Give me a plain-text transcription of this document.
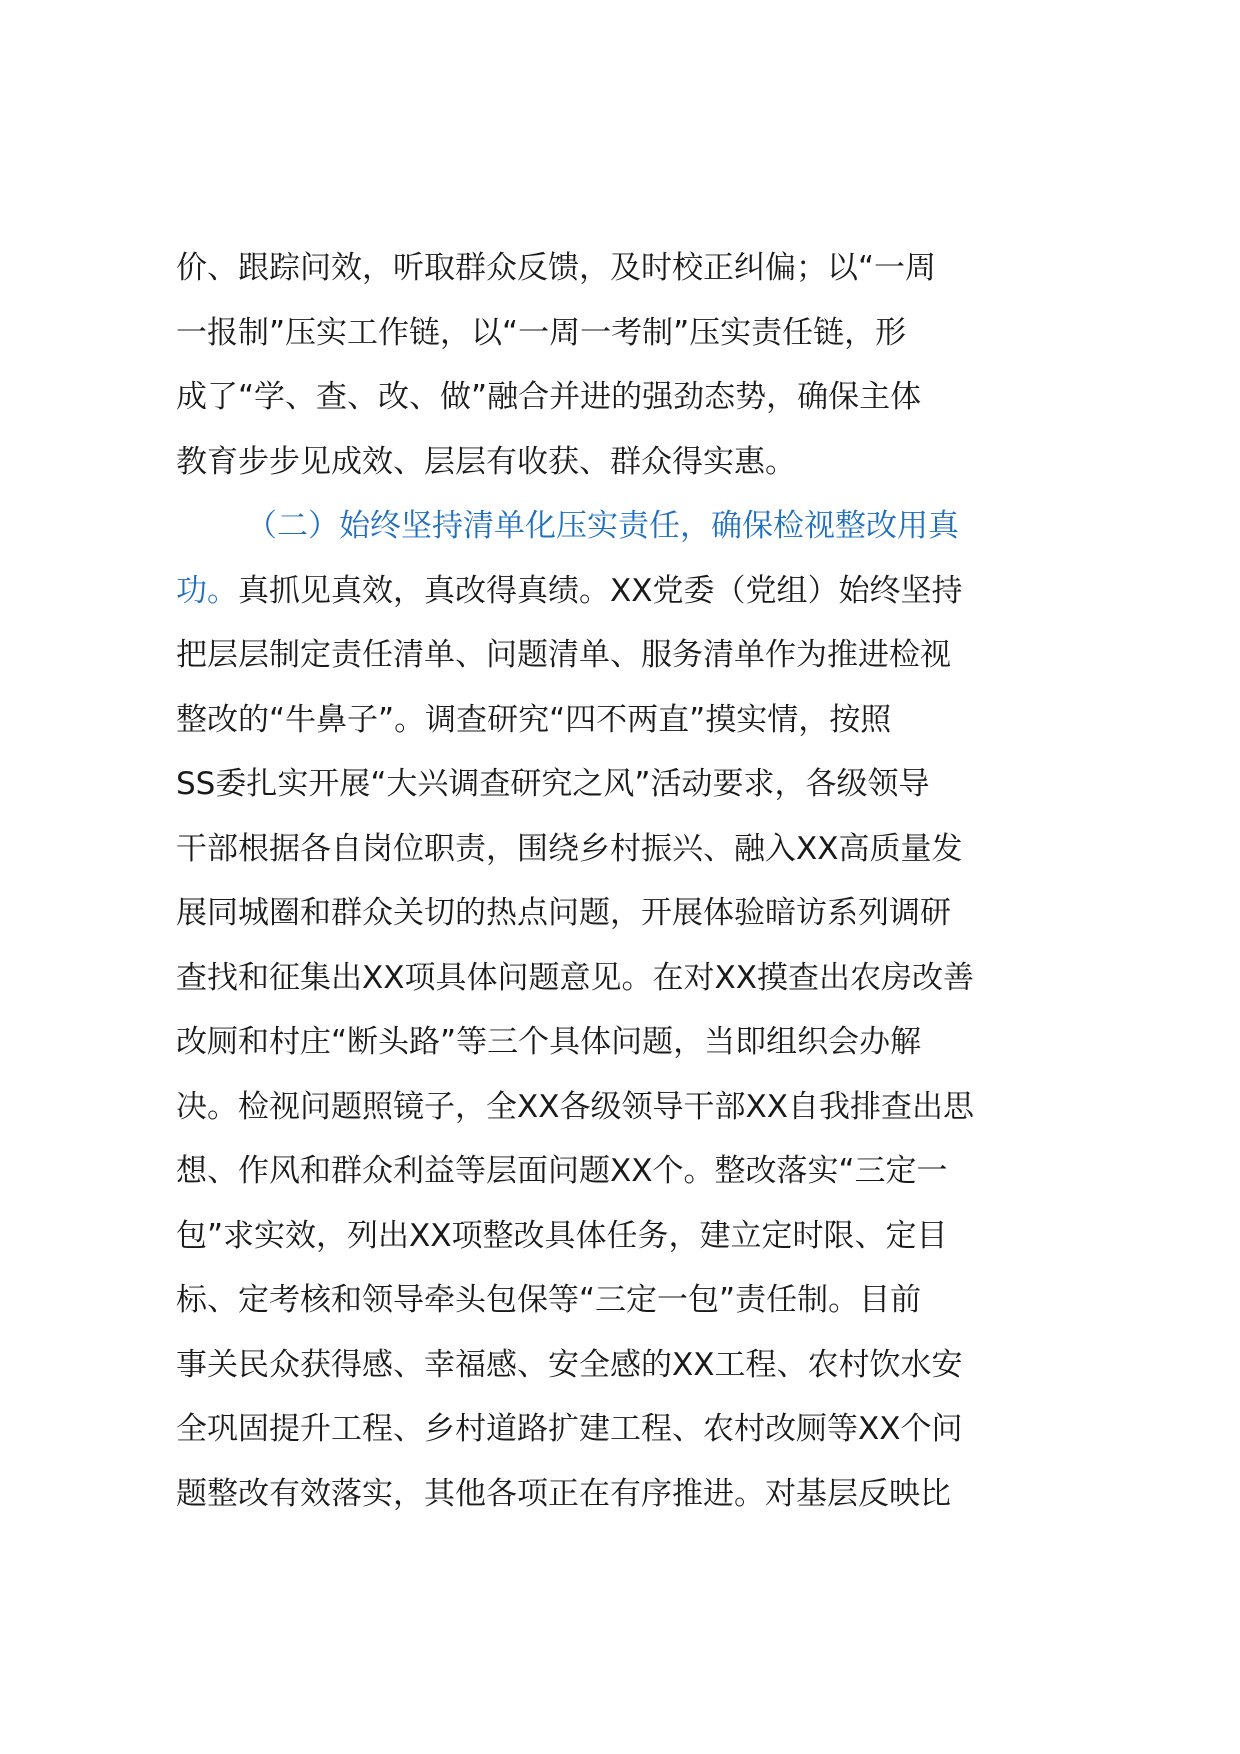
价、跟踪问效，听取群众反馈，及时校正纠偏；以“一周
一报制”压实工作链，以“一周一考制”压实责任链，形
成了“学、查、改、做”融合并进的强劲态势，确保主体
教育步步见成效、层层有收获、群众得实惠。
（二）始终坚持清单化压实责任，确保检视整改用真
功。真抓见真效，真改得真绩。XX党委（党组）始终坚持
把层层制定责任清单、问题清单、服务清单作为推进检视
整改的“牛鼻子”。调查研究“四不两直”摸实情，按照
SS委扎实开展“大兴调查研究之风”活动要求，各级领导
干部根据各自岗位职责，围绕乡村振兴、融入XX高质量发
展同城圈和群众关切的热点问题，开展体验暗访系列调研
查找和征集出XX项具体问题意见。在对XX摸查出农房改善
改厕和村庄“断头路”等三个具体问题，当即组织会办解
决。检视问题照镜子，全XX各级领导干部XX自我排查出思
想、作风和群众利益等层面问题XX个。整改落实“三定一
包”求实效，列出XX项整改具体任务，建立定时限、定目
标、定考核和领导牵头包保等“三定一包”责任制。目前
事关民众获得感、幸福感、安全感的XX工程、农村饮水安
全巩固提升工程、乡村道路扩建工程、农村改厕等XX个问
题整改有效落实，其他各项正在有序推进。对基层反映比
